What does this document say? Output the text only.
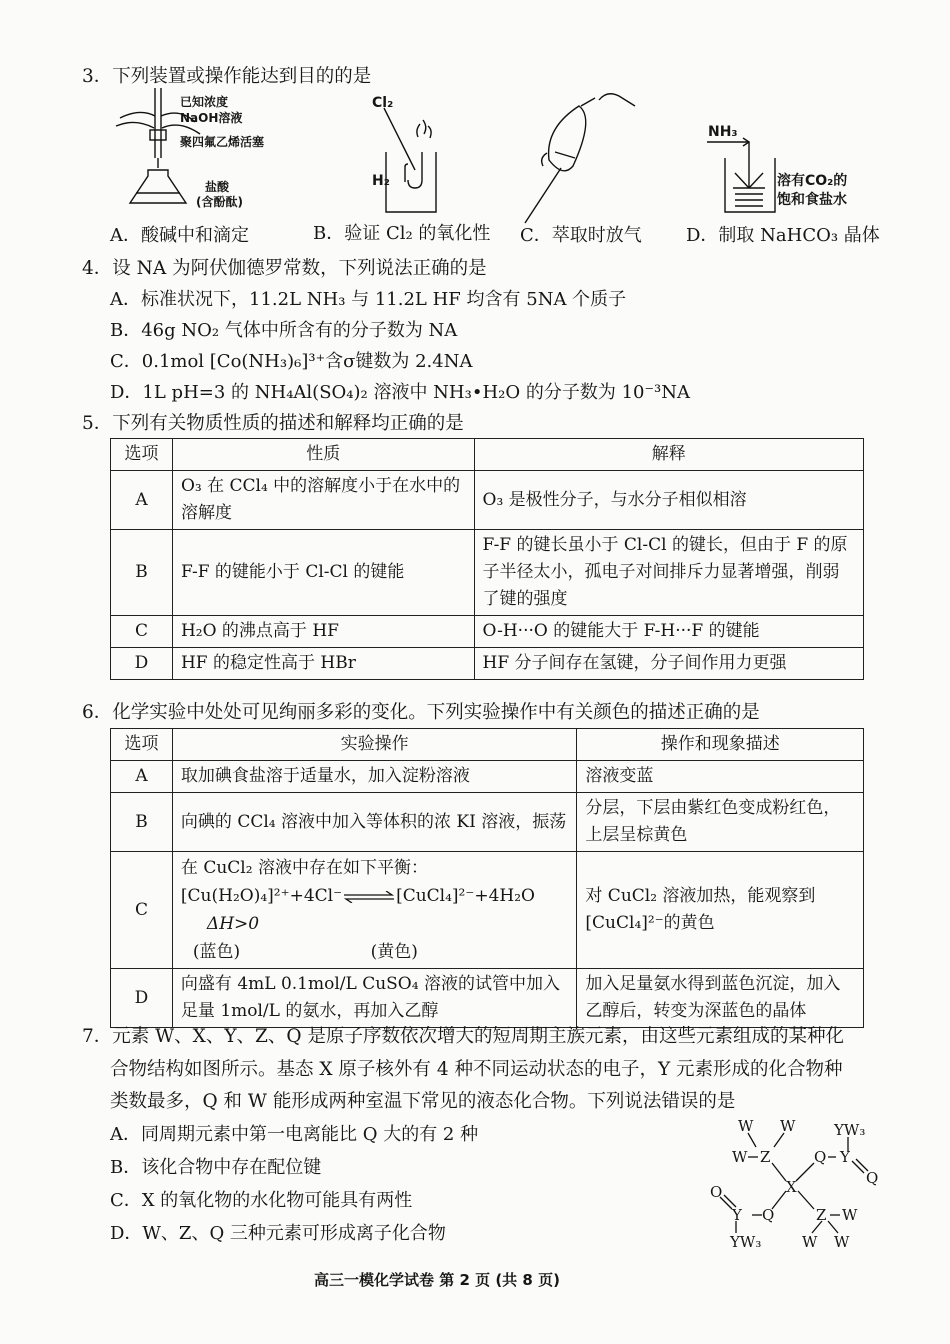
3．下列装置或操作能达到目的的是
已知浓度
NaOH溶液
聚四氟乙烯活塞
盐酸
(含酚酞)
Cl₂
H₂
NH₃
溶有CO₂的
饱和食盐水
A．酸碱中和滴定	B．验证 Cl₂ 的氧化性 C．萃取时放气 D．制取 NaHCO₃ 晶体
4．设 NA 为阿伏伽德罗常数，下列说法正确的是
A．标准状况下，11.2L NH₃ 与 11.2L HF 均含有 5NA 个质子
B．46g NO₂ 气体中所含有的分子数为 NA
C．0.1mol [Co(NH₃)₆]³⁺含σ键数为 2.4NA
D．1L pH=3 的 NH₄Al(SO₄)₂ 溶液中 NH₃•H₂O 的分子数为 10⁻³NA
5．下列有关物质性质的描述和解释均正确的是
选项	性质	解释
A	O₃ 在 CCl₄ 中的溶解度小于在水中的溶解度	O₃ 是极性分子，与水分子相似相溶
B	F-F 的键能小于 Cl-Cl 的键能	F-F 的键长虽小于 Cl-Cl 的键长，但由于 F 的原子半径太小，孤电子对间排斥力显著增强，削弱了键的强度
C	H₂O 的沸点高于 HF	O-H···O 的键能大于 F-H···F 的键能
D	HF 的稳定性高于 HBr	HF 分子间存在氢键，分子间作用力更强
6．化学实验中处处可见绚丽多彩的变化。下列实验操作中有关颜色的描述正确的是
选项	实验操作	操作和现象描述
A	取加碘食盐溶于适量水，加入淀粉溶液	溶液变蓝
B	向碘的 CCl₄ 溶液中加入等体积的浓 KI 溶液，振荡	分层，下层由紫红色变成粉红色，上层呈棕黄色
C	在 CuCl₂ 溶液中存在如下平衡：
[Cu(H₂O)₄]²⁺+4Cl⁻⇌[CuCl₄]²⁻+4H₂O ΔH>0
(蓝色) (黄色)	对 CuCl₂ 溶液加热，能观察到 [CuCl₄]²⁻的黄色
D	向盛有 4mL 0.1mol/L CuSO₄ 溶液的试管中加入足量 1mol/L 的氨水，再加入乙醇	加入足量氨水得到蓝色沉淀，加入乙醇后，转变为深蓝色的晶体
7．元素 W、X、Y、Z、Q 是原子序数依次增大的短周期主族元素，由这些元素组成的某种化
合物结构如图所示。基态 X 原子核外有 4 种不同运动状态的电子，Y 元素形成的化合物种
类数最多，Q 和 W 能形成两种室温下常见的液态化合物。下列说法错误的是
A．同周期元素中第一电离能比 Q 大的有 2 种
B．该化合物中存在配位键
C．X 的氧化物的水化物可能具有两性
D．W、Z、Q 三种元素可形成离子化合物
W W
W Z	Q Y
YW₃
Q
X
O
Y Q
YW₃
Z W
W W
高三一模化学试卷 第 2 页 (共 8 页)
